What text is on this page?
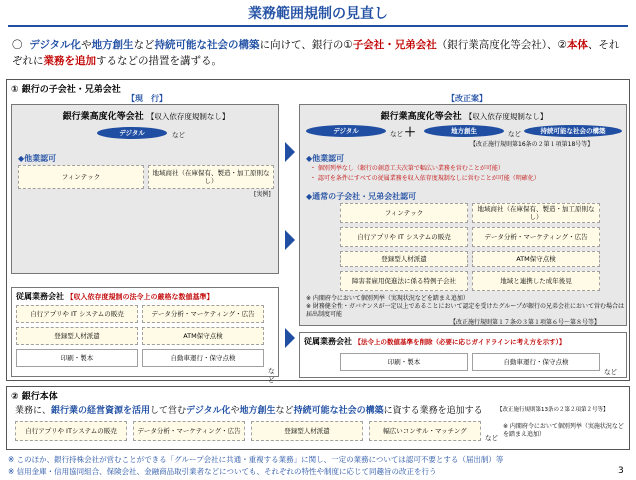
業務範囲規制の見直し
〇 デジタル化や地方創生など持続可能な社会の構築に向けて、銀行の①子会社・兄弟会社（銀行業高度化等会社）、②本体、それぞれに業務を追加するなどの措置を講ずる。
① 銀行の子会社・兄弟会社
【現　行】
銀行業高度化等会社 【収入依存度規制なし】
デジタル	など
◆他業認可
フィンテック	地域商社（在庫保有、製造・加工原則なし）
[実例]
従属業務会社 【収入依存度規制の法令上の厳格な数値基準】
自行アプリや IT システムの販売	データ分析・マーケティング・広告
登録型人材派遣	ATM保守点検
印刷・製本	自動車運行・保守点検
など
【改正案】
銀行業高度化等会社 【収入依存度規制なし】
デジタル	など ＋	地方創生	など	持続可能な社会の構築
【改正施行規則第16条の２第１項第18号等】
◆他業認可
・ 個別列挙なし（銀行の創意工夫次第で幅広い業務を営むことが可能）
・ 認可を条件にすべての従属業務を収入依存度規制なしに営むことが可能（明確化）
◆通常の子会社・兄弟会社認可
フィンテック	地域商社（在庫保有、製造・加工原則なし）
自行アプリや IT システムの販売	データ分析・マーケティング・広告
登録型人材派遣	ATM保守点検
障害者雇用促進法に係る特例子会社	地域と連携した成年後見
※ 内閣府令において個別列挙（実現状況などを踏まえ追加）
※ 財務健全性・ガバナンスが一定以上であることにおいて認定を受けたグループが銀行の兄弟会社において営む場合は届出制度可能
【改正施行規則第１７条の３第１項第６号～第８号等】
従属業務会社 【法令上の数値基準を削除（必要に応じガイドラインに考え方を示す）】
印刷・製本	自動車運行・保守点検
など
② 銀行本体
業務に、銀行業の経営資源を活用して営むデジタル化や地方創生など持続可能な社会の構築に資する業務を追加する	【改正施行規則第13条の２第２項第２号等】
自行アプリや ITシステムの販売	データ分析・マーケティング・広告	登録型人材派遣	幅広いコンサル・マッチング
など
※ 内閣府令において個別列挙（実施状況などを踏まえ追加）
※ このほか、銀行持株会社が営むことができる「グループ会社に共通・重複する業務」に関し、一定の業務については認可不要とする（届出制）等
※ 信用金庫・信用協同組合、保険会社、金融商品取引業者などについても、それぞれの特性や制度に応じて同趣旨の改正を行う	3
